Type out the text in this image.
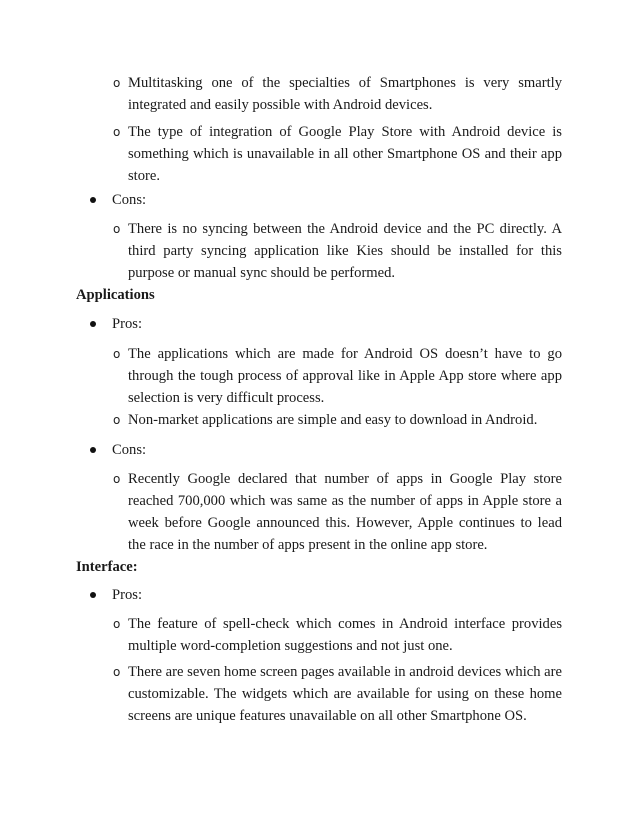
o Multitasking one of the specialties of Smartphones is very smartly integrated and easily possible with Android devices.
o The type of integration of Google Play Store with Android device is something which is unavailable in all other Smartphone OS and their app store.
Cons:
o There is no syncing between the Android device and the PC directly. A third party syncing application like Kies should be installed for this purpose or manual sync should be performed.
Applications
Pros:
o The applications which are made for Android OS doesn’t have to go through the tough process of approval like in Apple App store where app selection is very difficult process.
o Non-market applications are simple and easy to download in Android.
Cons:
o Recently Google declared that number of apps in Google Play store reached 700,000 which was same as the number of apps in Apple store a week before Google announced this. However, Apple continues to lead the race in the number of apps present in the online app store.
Interface:
Pros:
o The feature of spell-check which comes in Android interface provides multiple word-completion suggestions and not just one.
o There are seven home screen pages available in android devices which are customizable. The widgets which are available for using on these home screens are unique features unavailable on all other Smartphone OS.
